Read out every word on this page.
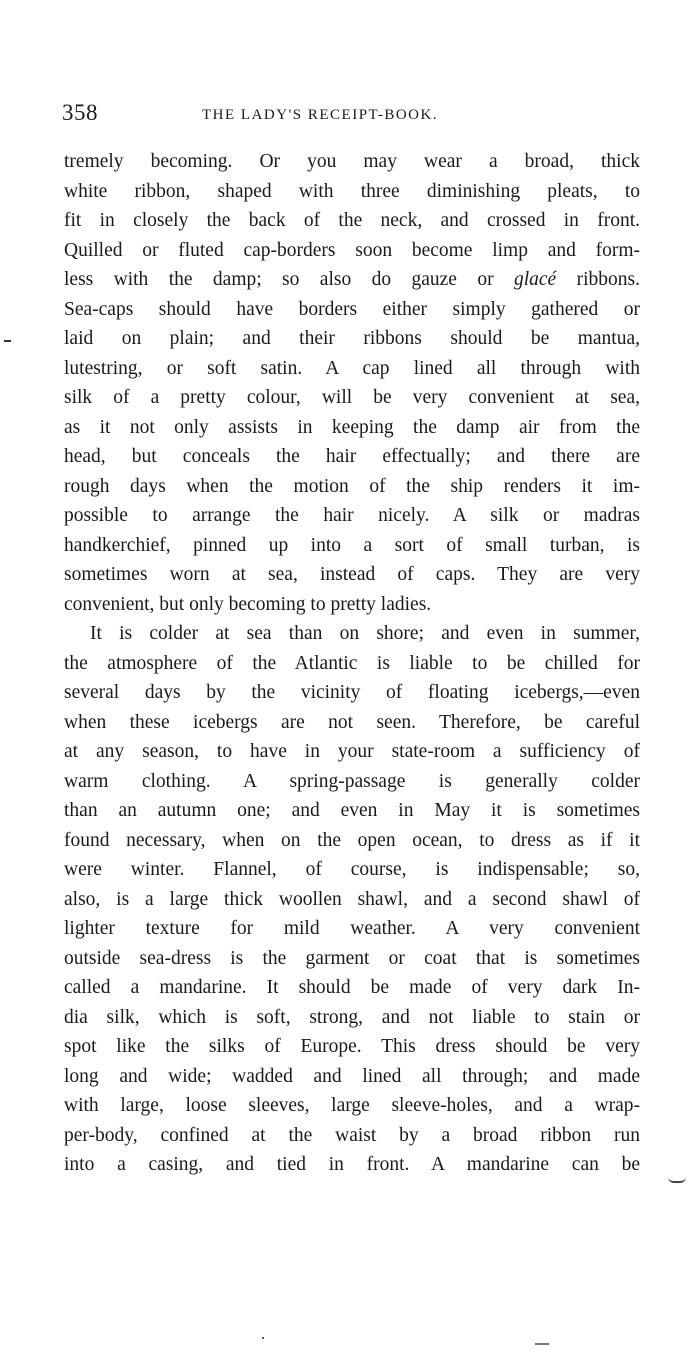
358	THE LADY'S RECEIPT-BOOK.
tremely becoming. Or you may wear a broad, thick
white ribbon, shaped with three diminishing pleats, to
fit in closely the back of the neck, and crossed in front.
Quilled or fluted cap-borders soon become limp and form-
less with the damp; so also do gauze or glacé ribbons.
Sea-caps should have borders either simply gathered or
laid on plain; and their ribbons should be mantua,
lutestring, or soft satin. A cap lined all through with
silk of a pretty colour, will be very convenient at sea,
as it not only assists in keeping the damp air from the
head, but conceals the hair effectually; and there are
rough days when the motion of the ship renders it im-
possible to arrange the hair nicely. A silk or madras
handkerchief, pinned up into a sort of small turban, is
sometimes worn at sea, instead of caps. They are very
convenient, but only becoming to pretty ladies.
It is colder at sea than on shore; and even in summer,
the atmosphere of the Atlantic is liable to be chilled for
several days by the vicinity of floating icebergs,—even
when these icebergs are not seen. Therefore, be careful
at any season, to have in your state-room a sufficiency of
warm clothing. A spring-passage is generally colder
than an autumn one; and even in May it is sometimes
found necessary, when on the open ocean, to dress as if it
were winter. Flannel, of course, is indispensable; so,
also, is a large thick woollen shawl, and a second shawl of
lighter texture for mild weather. A very convenient
outside sea-dress is the garment or coat that is sometimes
called a mandarine. It should be made of very dark In-
dia silk, which is soft, strong, and not liable to stain or
spot like the silks of Europe. This dress should be very
long and wide; wadded and lined all through; and made
with large, loose sleeves, large sleeve-holes, and a wrap-
per-body, confined at the waist by a broad ribbon run
into a casing, and tied in front. A mandarine can be
